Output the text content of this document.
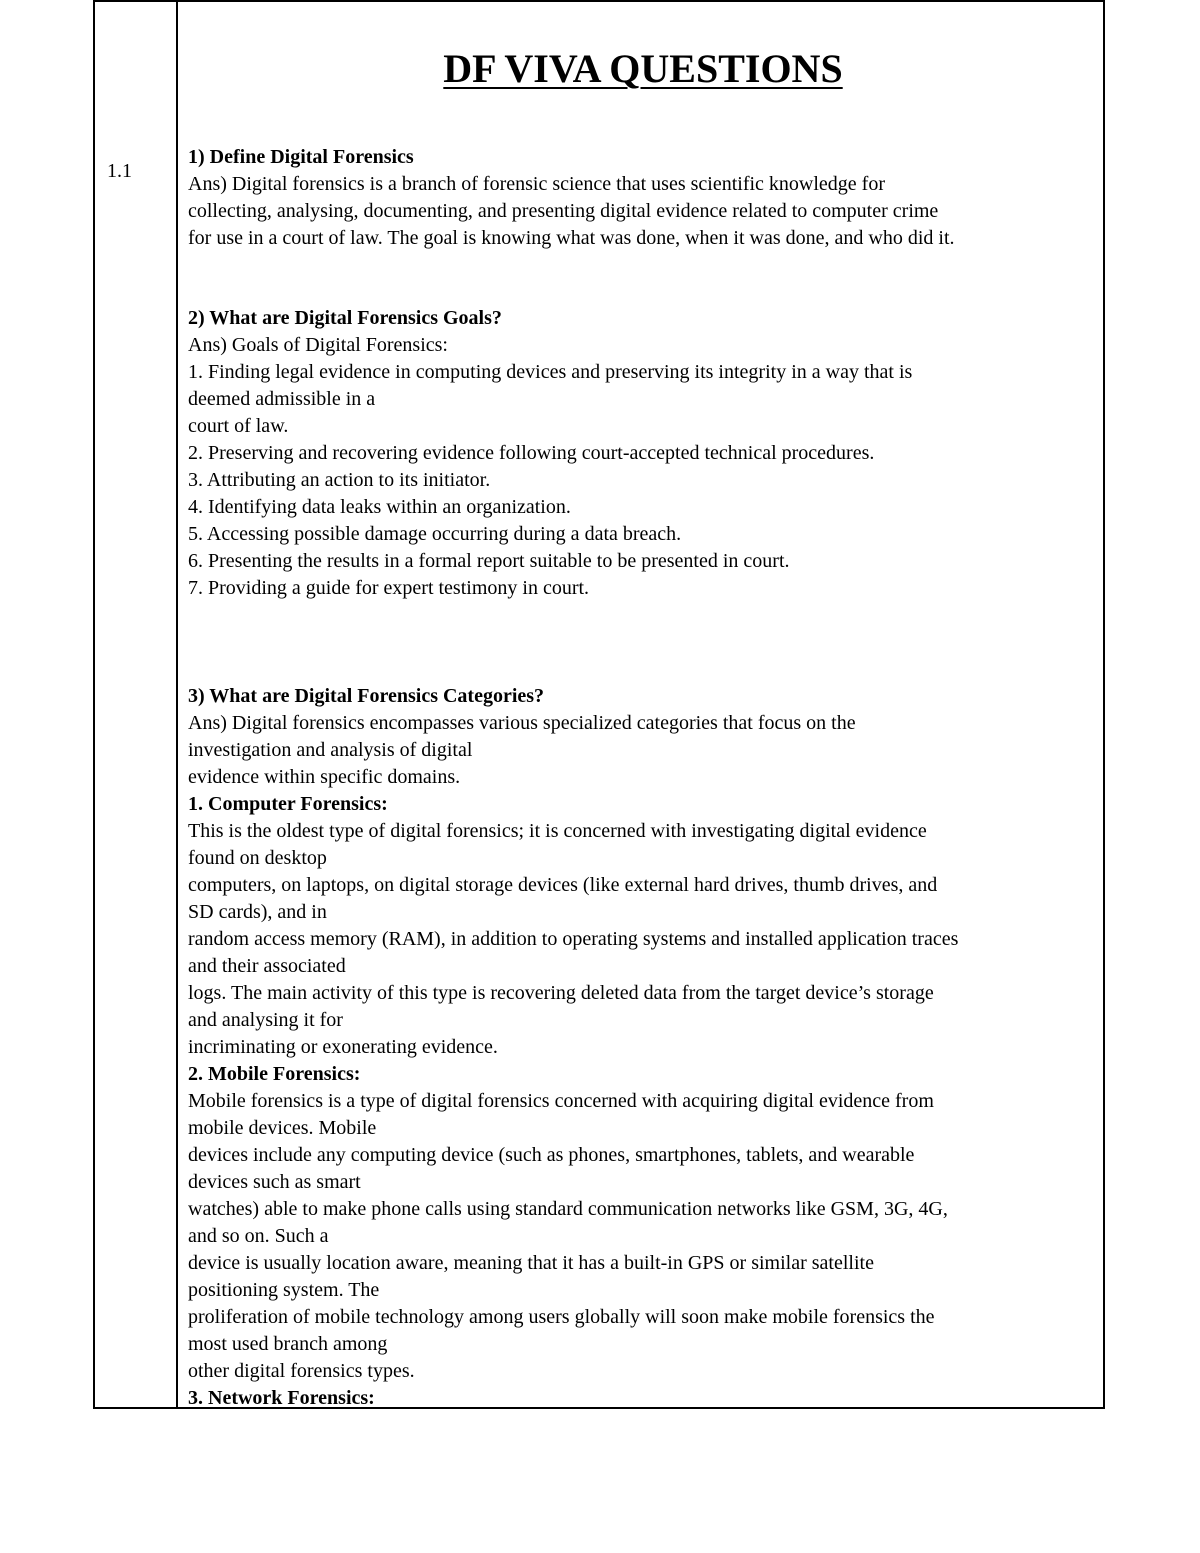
1.1
DF VIVA QUESTIONS

1) Define Digital Forensics

Ans) Digital forensics is a branch of forensic science that uses scientific knowledge for

collecting, analysing, documenting, and presenting digital evidence related to computer crime

for use in a court of law. The goal is knowing what was done, when it was done, and who did it.

2) What are Digital Forensics Goals?

Ans) Goals of Digital Forensics:

1. Finding legal evidence in computing devices and preserving its integrity in a way that is

deemed admissible in a

court of law.

2. Preserving and recovering evidence following court-accepted technical procedures.

3. Attributing an action to its initiator.

4. Identifying data leaks within an organization.

5. Accessing possible damage occurring during a data breach.

6. Presenting the results in a formal report suitable to be presented in court.

7. Providing a guide for expert testimony in court.

3) What are Digital Forensics Categories?

Ans) Digital forensics encompasses various specialized categories that focus on the

investigation and analysis of digital

evidence within specific domains.

1. Computer Forensics:

This is the oldest type of digital forensics; it is concerned with investigating digital evidence

found on desktop

computers, on laptops, on digital storage devices (like external hard drives, thumb drives, and

SD cards), and in

random access memory (RAM), in addition to operating systems and installed application traces

and their associated

logs. The main activity of this type is recovering deleted data from the target device’s storage

and analysing it for

incriminating or exonerating evidence.

2. Mobile Forensics:

Mobile forensics is a type of digital forensics concerned with acquiring digital evidence from

mobile devices. Mobile

devices include any computing device (such as phones, smartphones, tablets, and wearable

devices such as smart

watches) able to make phone calls using standard communication networks like GSM, 3G, 4G,

and so on. Such a

device is usually location aware, meaning that it has a built-in GPS or similar satellite

positioning system. The

proliferation of mobile technology among users globally will soon make mobile forensics the

most used branch among

other digital forensics types.

3. Network Forensics:
